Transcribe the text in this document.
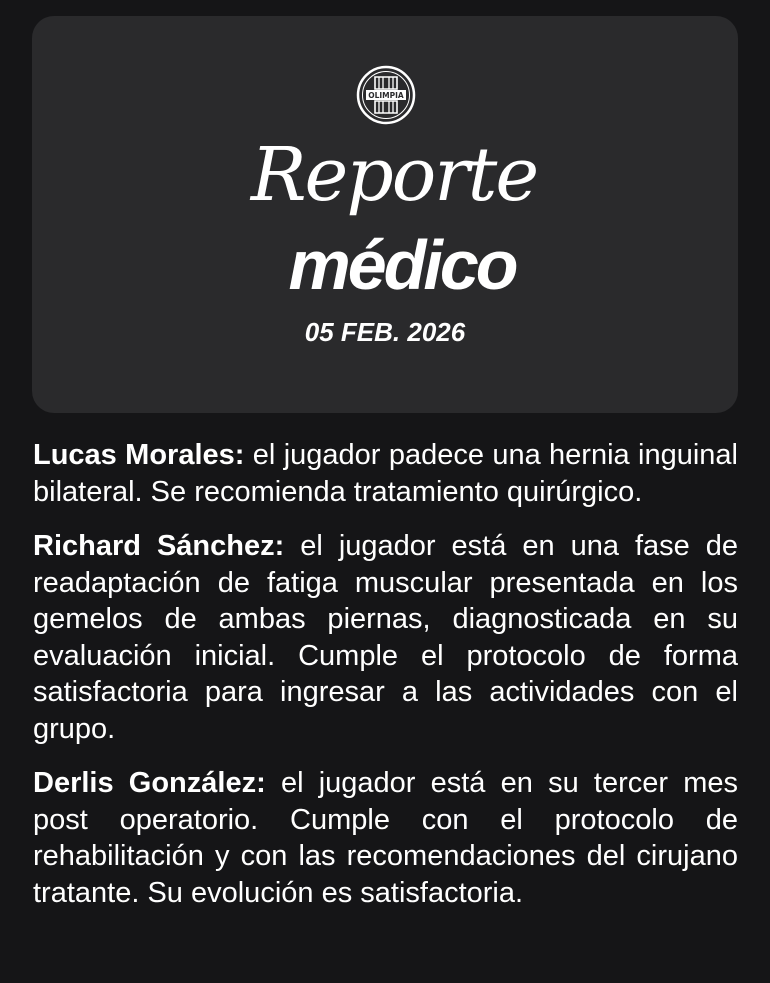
OLIMPIA
Reporte
médico
05 FEB. 2026

Lucas Morales: el jugador padece una hernia inguinal bilateral. Se recomienda tratamiento quirúrgico.

Richard Sánchez: el jugador está en una fase de readaptación de fatiga muscular presentada en los gemelos de ambas piernas, diagnosticada en su evaluación inicial. Cumple el protocolo de forma satisfactoria para ingresar a las actividades con el grupo.

Derlis González: el jugador está en su tercer mes post operatorio. Cumple con el protocolo de rehabilitación y con las recomendaciones del cirujano tratante. Su evolución es satisfactoria.
